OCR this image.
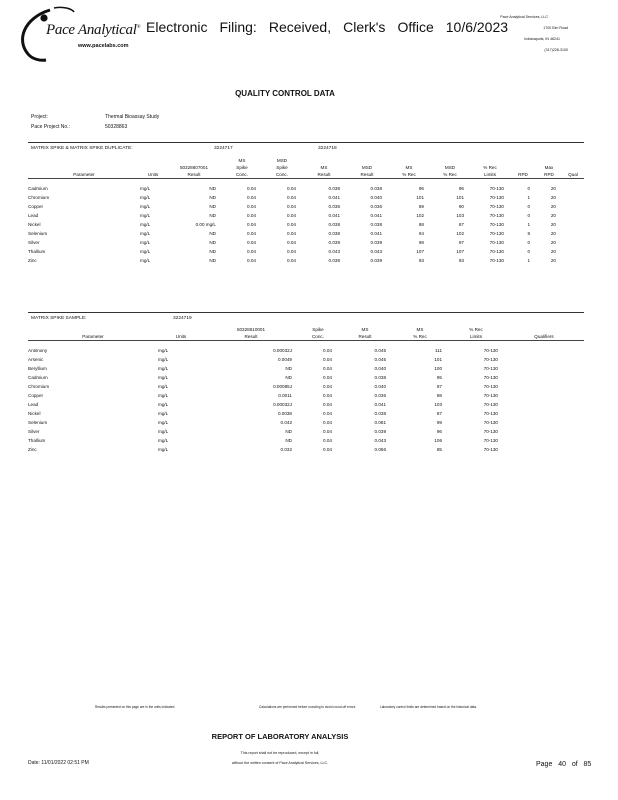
Pace Analytical®
www.pacelabs.com
Electronic Filing: Received, Clerk's Office 10/6/2023
Pace Analytical Services, LLC
1700 Elm Road
Indianapolis, IN 46241
(317)228-3100
QUALITY CONTROL DATA
Project:	Thermal Bioassay Study
Pace Project No.:	50328863
MATRIX SPIKE & MATRIX SPIKE DUPLICATE:	3224717	3224718
			MS	MSD								
		50328607001	Spike	Spike	MS	MSD	MS	MSD	% Rec		Max	
Parameter	Units	Result	Conc.	Conc.	Result	Result	% Rec	% Rec	Limits	RPD	RPD	Qual

Cadmium	mg/L	ND	0.04	0.04	0.038	0.038	96	96	70-130	0	20	
Chromium	mg/L	ND	0.04	0.04	0.041	0.040	101	101	70-130	1	20	
Copper	mg/L	ND	0.04	0.04	0.036	0.036	89	90	70-130	0	20	
Lead	mg/L	ND	0.04	0.04	0.041	0.041	102	103	70-130	0	20	
Nickel	mg/L	0.00 mg/L	0.04	0.04	0.038	0.038	88	87	70-130	1	20	
Selenium	mg/L	ND	0.04	0.04	0.038	0.041	94	102	70-130	8	20	
Silver	mg/L	ND	0.04	0.04	0.039	0.039	98	97	70-130	0	20	
Thallium	mg/L	ND	0.04	0.04	0.043	0.043	107	107	70-130	0	20	
Zinc	mg/L	ND	0.04	0.04	0.038	0.039	93	93	70-130	1	20	
MATRIX SPIKE SAMPLE:	3224719
		50328610001	Spike	MS	MS	% Rec	
Parameter	Units	Result	Conc.	Result	% Rec	Limits	Qualifiers

Antimony	mg/L	0.00032J	0.04	0.045	111	70-130	
Arsenic	mg/L	0.0049	0.04	0.045	101	70-130	
Beryllium	mg/L	ND	0.04	0.040	100	70-130	
Cadmium	mg/L	ND	0.04	0.038	95	70-130	
Chromium	mg/L	0.00085J	0.04	0.040	97	70-130	
Copper	mg/L	0.0011	0.04	0.036	88	70-130	
Lead	mg/L	0.00032J	0.04	0.041	103	70-130	
Nickel	mg/L	0.0038	0.04	0.038	87	70-130	
Selenium	mg/L	0.042	0.04	0.081	99	70-130	
Silver	mg/L	ND	0.04	0.039	96	70-130	
Thallium	mg/L	ND	0.04	0.043	106	70-130	
Zinc	mg/L	0.032	0.04	0.066	85	70-130	
Results presented on this page are in the units indicated	Calculations are performed before rounding to avoid round-off errors	Laboratory control limits are determined based on the historical data.
REPORT OF LABORATORY ANALYSIS
This report shall not be reproduced, except in full,
without the written consent of Pace Analytical Services, LLC.
Date: 11/01/2022 02:51 PM	Page 40 of 85
